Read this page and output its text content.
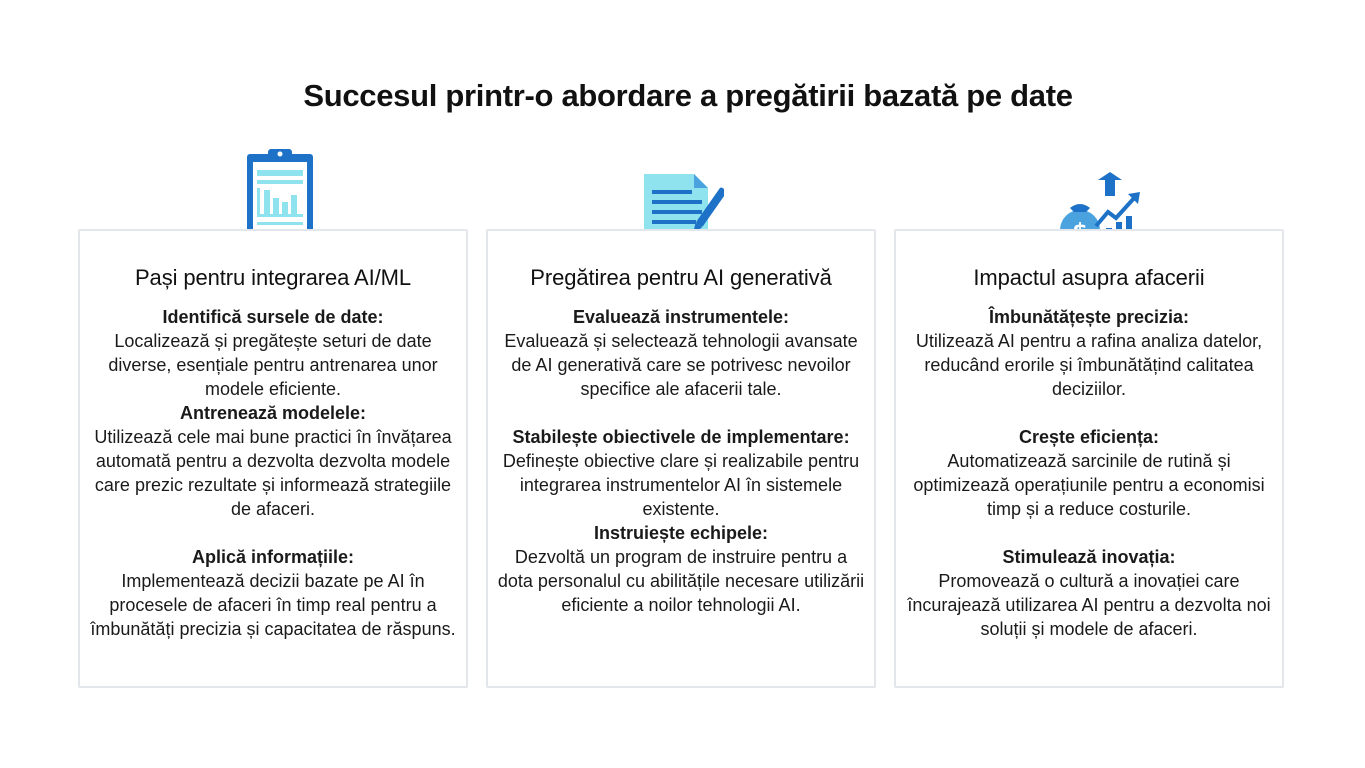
Succesul printr-o abordare a pregătirii bazată pe date
Pași pentru integrarea AI/ML
Identifică sursele de date:
Localizează și pregătește seturi de date diverse, esențiale pentru antrenarea unor modele eficiente.
Antrenează modelele:
Utilizează cele mai bune practici în învățarea automată pentru a dezvolta dezvolta modele care prezic rezultate și informează strategiile de afaceri.
Aplică informațiile:
Implementează decizii bazate pe AI în procesele de afaceri în timp real pentru a îmbunătăți precizia și capacitatea de răspuns.
Pregătirea pentru AI generativă
Evaluează instrumentele:
Evaluează și selectează tehnologii avansate de AI generativă care se potrivesc nevoilor specifice ale afacerii tale.
Stabilește obiectivele de implementare:
Definește obiective clare și realizabile pentru integrarea instrumentelor AI în sistemele existente.
Instruiește echipele:
Dezvoltă un program de instruire pentru a dota personalul cu abilitățile necesare utilizării eficiente a noilor tehnologii AI.
Impactul asupra afacerii
Îmbunătățește precizia:
Utilizează AI pentru a rafina analiza datelor, reducând erorile și îmbunătățind calitatea deciziilor.
Crește eficiența:
Automatizează sarcinile de rutină și optimizează operațiunile pentru a economisi timp și a reduce costurile.
Stimulează inovația:
Promovează o cultură a inovației care încurajează utilizarea AI pentru a dezvolta noi soluții și modele de afaceri.
